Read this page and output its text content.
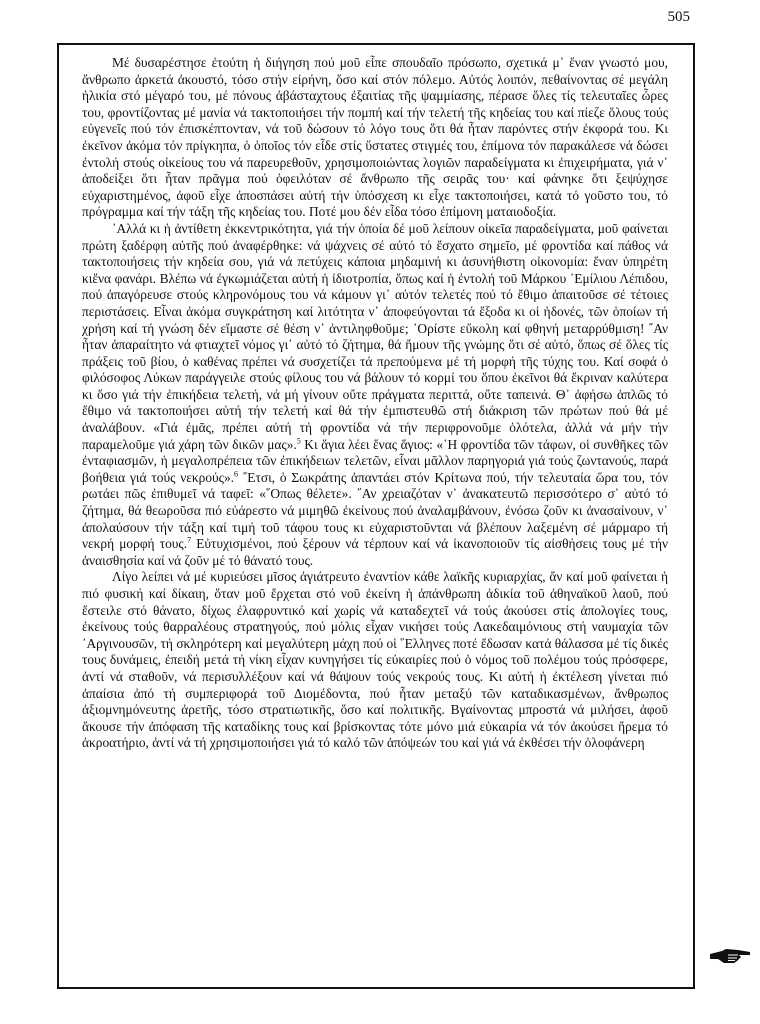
505

Μέ δυσαρέστησε ἐτούτη ἡ διήγηση πού μοῦ εἶπε σπουδαῖο πρόσωπο, σχετικά μ᾽ ἕναν γνωστό μου, ἄνθρωπο ἀρκετά ἀκουστό, τόσο στήν εἰρήνη, ὅσο καί στόν πόλεμο. Αὐτός λοιπόν, πεθαίνοντας σέ μεγάλη ἡλικία στό μέγαρό του, μέ πόνους ἀβάσταχτους ἐξαιτίας τῆς ψαμμίασης, πέρασε ὅλες τίς τελευταῖες ὧρες του, φροντίζοντας μέ μανία νά τακτοποιήσει τήν πομπή καί τήν τελετή τῆς κηδείας του καί πίεζε ὅλους τούς εὐγενεῖς πού τόν ἐπισκέπτονταν, νά τοῦ δώσουν τό λόγο τους ὅτι θά ἦταν παρόντες στήν ἐκφορά του. Κι ἐκεῖνον ἀκόμα τόν πρίγκηπα, ὁ ὁποῖος τόν εἶδε στίς ὕστατες στιγμές του, ἐπίμονα τόν παρακάλεσε νά δώσει ἐντολή στούς οἰκείους του νά παρευρεθοῦν, χρησιμοποιώντας λογιῶν παραδείγματα κι ἐπιχειρήματα, γιά ν᾽ ἀποδείξει ὅτι ἦταν πρᾶγμα πού ὀφειλόταν σέ ἄνθρωπο τῆς σειρᾶς του· καί φάνηκε ὅτι ξεψύχησε εὐχαριστημένος, ἀφοῦ εἶχε ἀποσπάσει αὐτή τήν ὑπόσχεση κι εἶχε τακτοποιήσει, κατά τό γοῦστο του, τό πρόγραμμα καί τήν τάξη τῆς κηδείας του. Ποτέ μου δέν εἶδα τόσο ἐπίμονη ματαιοδοξία.

᾽Αλλά κι ἡ ἀντίθετη ἐκκεντρικότητα, γιά τήν ὁποία δέ μοῦ λείπουν οἰκεῖα παραδείγματα, μοῦ φαίνεται πρώτη ξαδέρφη αὐτῆς πού ἀναφέρθηκε: νά ψάχνεις σέ αὐτό τό ἔσχατο σημεῖο, μέ φροντίδα καί πάθος νά τακτοποιήσεις τήν κηδεία σου, γιά νά πετύχεις κάποια μηδαμινή κι ἀσυνήθιστη οἰκονομία: ἕναν ὑπηρέτη κιἕνα φανάρι. Βλέπω νά ἐγκωμιάζεται αὐτή ἡ ἰδιοτροπία, ὅπως καί ἡ ἐντολή τοῦ Μάρκου ᾽Εμίλιου Λέπιδου, πού ἀπαγόρευσε στούς κληρονόμους του νά κάμουν γι᾽ αὐτόν τελετές πού τό ἔθιμο ἀπαιτοῦσε σέ τέτοιες περιστάσεις. Εἶναι ἀκόμα συγκράτηση καί λιτότητα ν᾽ ἀποφεύγονται τά ἔξοδα κι οἱ ἡδονές, τῶν ὁποίων τή χρήση καί τή γνώση δέν εἴμαστε σέ θέση ν᾽ ἀντιληφθοῦμε; ᾽Ορίστε εὔκολη καί φθηνή μεταρρύθμιση! ῎Αν ἦταν ἀπαραίτητο νά φτιαχτεῖ νόμος γι᾽ αὐτό τό ζήτημα, θά ἤμουν τῆς γνώμης ὅτι σέ αὐτό, ὅπως σέ ὅλες τίς πράξεις τοῦ βίου, ὁ καθένας πρέπει νά συσχετίζει τά πρεπούμενα μέ τή μορφή τῆς τύχης του. Καί σοφά ὁ φιλόσοφος Λύκων παράγγειλε στούς φίλους του νά βάλουν τό κορμί του ὅπου ἐκεῖνοι θά ἔκριναν καλύτερα κι ὅσο γιά τήν ἐπικήδεια τελετή, νά μή γίνουν οὔτε πράγματα περιττά, οὔτε ταπεινά. Θ᾽ ἀφήσω ἁπλῶς τό ἔθιμο νά τακτοποιήσει αὐτή τήν τελετή καί θά τήν ἐμπιστευθῶ στή διάκριση τῶν πρώτων πού θά μέ ἀναλάβουν. «Γιά ἐμᾶς, πρέπει αὐτή τή φροντίδα νά τήν περιφρονοῦμε ὁλότελα, ἀλλά νά μήν τήν παραμελοῦμε γιά χάρη τῶν δικῶν μας».$^5$ Κι ἅγια λέει ἕνας ἅγιος: «῾Η φροντίδα τῶν τάφων, οἱ συνθῆκες τῶν ἐνταφιασμῶν, ἡ μεγαλοπρέπεια τῶν ἐπικήδειων τελετῶν, εἶναι μᾶλλον παρηγοριά γιά τούς ζωντανούς, παρά βοήθεια γιά τούς νεκρούς».$^6$ ῎Ετσι, ὁ Σωκράτης ἀπαντάει στόν Κρίτωνα πού, τήν τελευταία ὥρα του, τόν ρωτάει πῶς ἐπιθυμεῖ νά ταφεῖ: «῞Οπως θέλετε». ῎Αν χρειαζόταν ν᾽ ἀνακατευτῶ περισσότερο σ᾽ αὐτό τό ζήτημα, θά θεωροῦσα πιό εὐάρεστο νά μιμηθῶ ἐκείνους πού ἀναλαμβάνουν, ἐνόσω ζοῦν κι ἀνασαίνουν, ν᾽ ἀπολαύσουν τήν τάξη καί τιμή τοῦ τάφου τους κι εὐχαριστοῦνται νά βλέπουν λαξεμένη σέ μάρμαρο τή νεκρή μορφή τους.$^7$ Εὐτυχισμένοι, πού ξέρουν νά τέρπουν καί νά ἱκανοποιοῦν τίς αἰσθήσεις τους μέ τήν ἀναισθησία καί νά ζοῦν μέ τό θάνατό τους.

Λίγο λείπει νά μέ κυριεύσει μῖσος ἀγιάτρευτο ἐναντίον κάθε λαϊκῆς κυριαρχίας, ἄν καί μοῦ φαίνεται ἡ πιό φυσική καί δίκαιη, ὅταν μοῦ ἔρχεται στό νοῦ ἐκείνη ἡ ἀπάνθρωπη ἀδικία τοῦ ἀθηναϊκοῦ λαοῦ, πού ἔστειλε στό θάνατο, δίχως ἐλαφρυντικό καί χωρίς νά καταδεχτεῖ νά τούς ἀκούσει στίς ἀπολογίες τους, ἐκείνους τούς θαρραλέους στρατηγούς, πού μόλις εἶχαν νικήσει τούς Λακεδαιμόνιους στή ναυμαχία τῶν ᾽Αργινουσῶν, τή σκληρότερη καί μεγαλύτερη μάχη πού οἱ ῞Ελληνες ποτέ ἔδωσαν κατά θάλασσα μέ τίς δικές τους δυνάμεις, ἐπειδή μετά τή νίκη εἶχαν κυνηγήσει τίς εὐκαιρίες πού ὁ νόμος τοῦ πολέμου τούς πρόσφερε, ἀντί νά σταθοῦν, νά περισυλλέξουν καί νά θάψουν τούς νεκρούς τους. Κι αὐτή ἡ ἐκτέλεση γίνεται πιό ἀπαίσια ἀπό τή συμπεριφορά τοῦ Διομέδοντα, πού ἦταν μεταξύ τῶν καταδικασμένων, ἄνθρωπος ἀξιομνημόνευτης ἀρετῆς, τόσο στρατιωτικῆς, ὅσο καί πολιτικῆς. Βγαίνοντας μπροστά νά μιλήσει, ἀφοῦ ἄκουσε τήν ἀπόφαση τῆς καταδίκης τους καί βρίσκοντας τότε μόνο μιά εὐκαιρία νά τόν ἀκούσει ἤρεμα τό ἀκροατήριο, ἀντί νά τή χρησιμοποιήσει γιά τό καλό τῶν ἀπόψεών του καί γιά νά ἐκθέσει τήν ὁλοφάνερη
